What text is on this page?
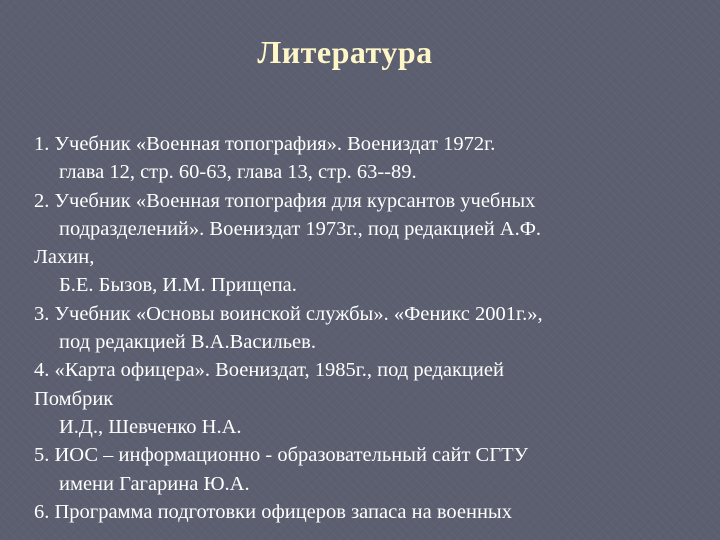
Литература
1. Учебник «Военная топография». Воениздат 1972г.
глава 12, стр. 60-63, глава 13, стр. 63--89.
2. Учебник «Военная топография для курсантов учебных
подразделений». Воениздат 1973г., под редакцией А.Ф.
Лахин,
Б.Е. Бызов, И.М. Прищепа.
3. Учебник «Основы воинской службы». «Феникс 2001г.»,
под редакцией В.А.Васильев.
4. «Карта офицера». Воениздат, 1985г., под редакцией
Помбрик
И.Д., Шевченко Н.А.
5. ИОС – информационно - образовательный сайт СГТУ
имени Гагарина Ю.А.
6. Программа подготовки офицеров запаса на военных
